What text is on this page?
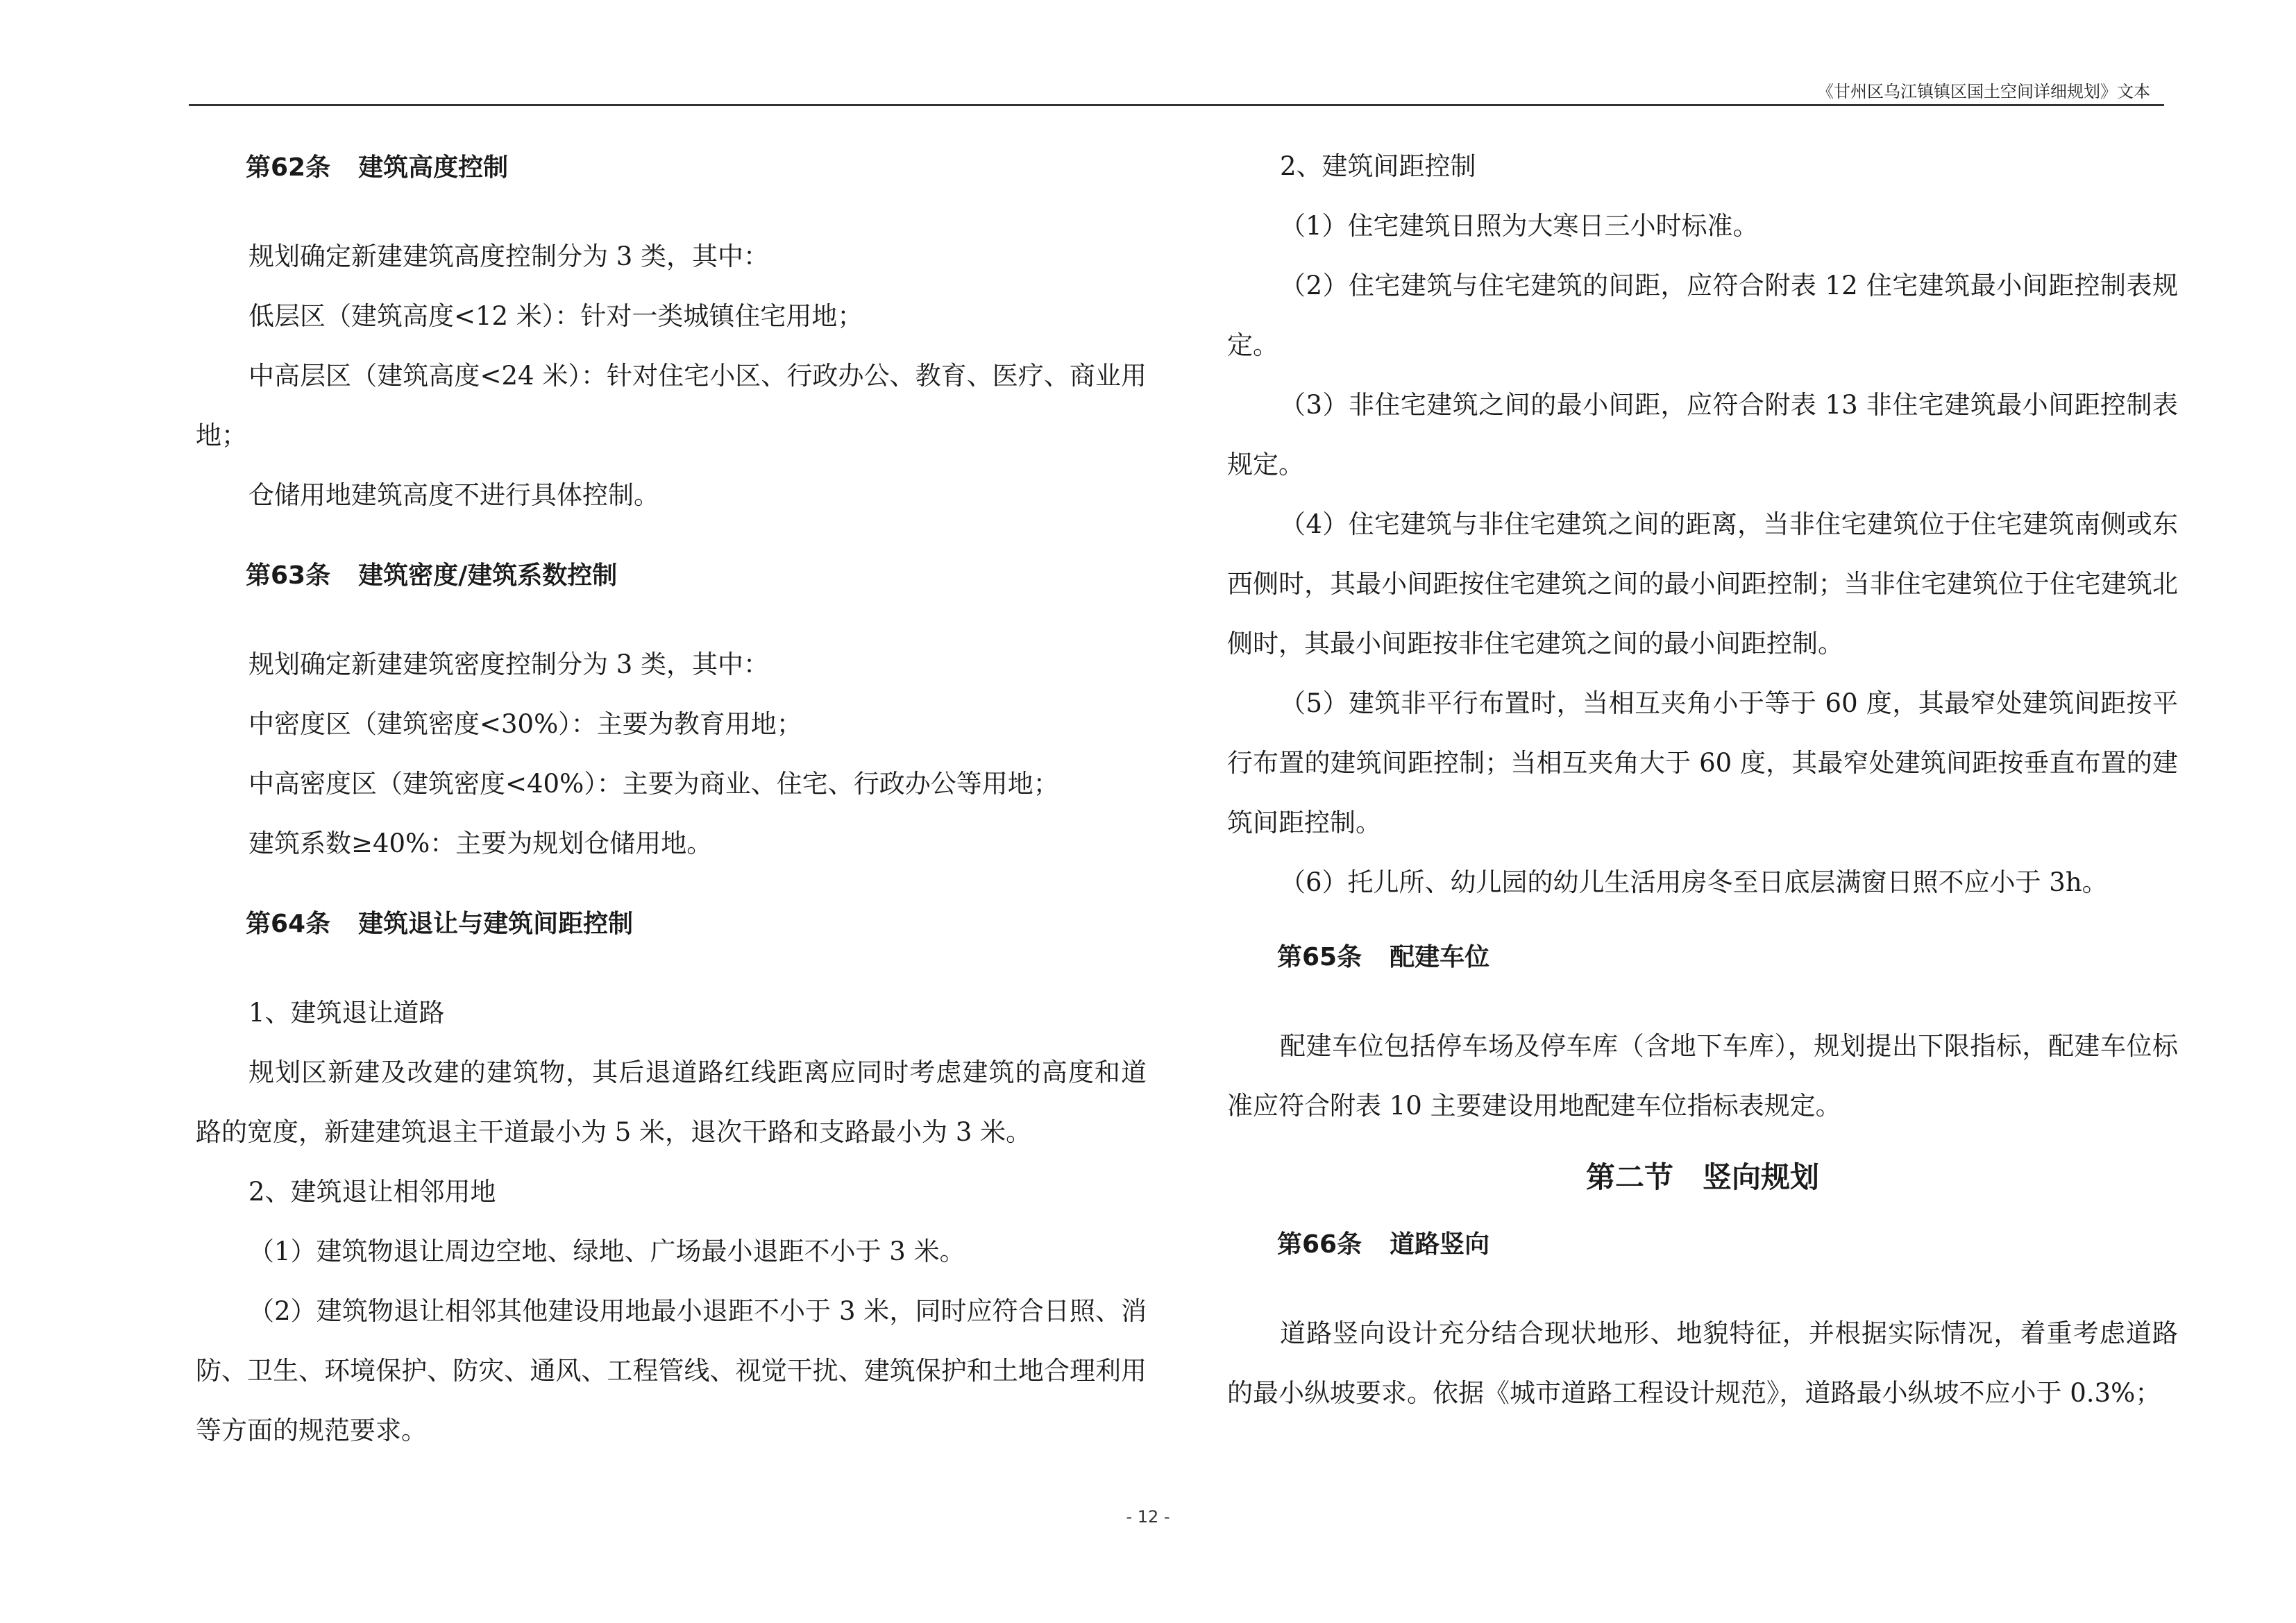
《甘州区乌江镇镇区国土空间详细规划》文本
第62条 建筑高度控制

规划确定新建建筑高度控制分为 3 类，其中：

低层区（建筑高度<12 米）：针对一类城镇住宅用地；

中高层区（建筑高度<24 米）：针对住宅小区、行政办公、教育、医疗、商业用地；

仓储用地建筑高度不进行具体控制。

第63条 建筑密度/建筑系数控制

规划确定新建建筑密度控制分为 3 类，其中：

中密度区（建筑密度<30%）：主要为教育用地；

中高密度区（建筑密度<40%）：主要为商业、住宅、行政办公等用地；

建筑系数≥40%：主要为规划仓储用地。

第64条 建筑退让与建筑间距控制

1、建筑退让道路

规划区新建及改建的建筑物，其后退道路红线距离应同时考虑建筑的高度和道路的宽度，新建建筑退主干道最小为 5 米，退次干路和支路最小为 3 米。

2、建筑退让相邻用地

（1）建筑物退让周边空地、绿地、广场最小退距不小于 3 米。

（2）建筑物退让相邻其他建设用地最小退距不小于 3 米，同时应符合日照、消防、卫生、环境保护、防灾、通风、工程管线、视觉干扰、建筑保护和土地合理利用等方面的规范要求。

2、建筑间距控制

（1）住宅建筑日照为大寒日三小时标准。

（2）住宅建筑与住宅建筑的间距，应符合附表 12 住宅建筑最小间距控制表规定。

（3）非住宅建筑之间的最小间距，应符合附表 13 非住宅建筑最小间距控制表规定。

（4）住宅建筑与非住宅建筑之间的距离，当非住宅建筑位于住宅建筑南侧或东西侧时，其最小间距按住宅建筑之间的最小间距控制；当非住宅建筑位于住宅建筑北侧时，其最小间距按非住宅建筑之间的最小间距控制。

（5）建筑非平行布置时，当相互夹角小于等于 60 度，其最窄处建筑间距按平行布置的建筑间距控制；当相互夹角大于 60 度，其最窄处建筑间距按垂直布置的建筑间距控制。

（6）托儿所、幼儿园的幼儿生活用房冬至日底层满窗日照不应小于 3h。

第65条 配建车位

配建车位包括停车场及停车库（含地下车库），规划提出下限指标，配建车位标准应符合附表 10 主要建设用地配建车位指标表规定。

第二节 竖向规划
第66条 道路竖向

道路竖向设计充分结合现状地形、地貌特征，并根据实际情况，着重考虑道路的最小纵坡要求。依据《城市道路工程设计规范》，道路最小纵坡不应小于 0.3%；

- 12 -
